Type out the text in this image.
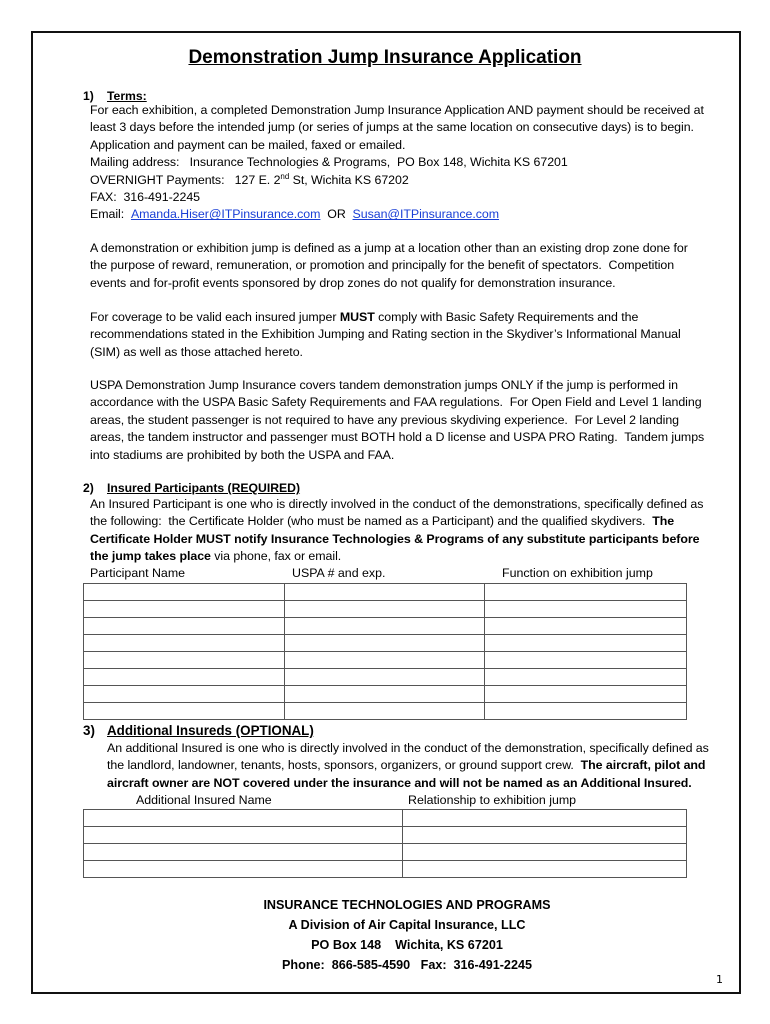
Demonstration Jump Insurance Application
1) Terms:
For each exhibition, a completed Demonstration Jump Insurance Application AND payment should be received at
least 3 days before the intended jump (or series of jumps at the same location on consecutive days) is to begin.
Application and payment can be mailed, faxed or emailed.
Mailing address: Insurance Technologies & Programs,  PO Box 148, Wichita KS 67201
OVERNIGHT Payments: 127 E. 2nd St, Wichita KS 67202
FAX: 316-491-2245
Email: Amanda.Hiser@ITPinsurance.com OR Susan@ITPinsurance.com
A demonstration or exhibition jump is defined as a jump at a location other than an existing drop zone done for
the purpose of reward, remuneration, or promotion and principally for the benefit of spectators.  Competition
events and for-profit events sponsored by drop zones do not qualify for demonstration insurance.
For coverage to be valid each insured jumper MUST comply with Basic Safety Requirements and the
recommendations stated in the Exhibition Jumping and Rating section in the Skydiver’s Informational Manual
(SIM) as well as those attached hereto.
USPA Demonstration Jump Insurance covers tandem demonstration jumps ONLY if the jump is performed in
accordance with the USPA Basic Safety Requirements and FAA regulations.  For Open Field and Level 1 landing
areas, the student passenger is not required to have any previous skydiving experience.  For Level 2 landing
areas, the tandem instructor and passenger must BOTH hold a D license and USPA PRO Rating.  Tandem jumps
into stadiums are prohibited by both the USPA and FAA.
2) Insured Participants (REQUIRED)
An Insured Participant is one who is directly involved in the conduct of the demonstrations, specifically defined as
the following:  the Certificate Holder (who must be named as a Participant) and the qualified skydivers.  The
Certificate Holder MUST notify Insurance Technologies & Programs of any substitute participants before
the jump takes place via phone, fax or email.
Participant Name	USPA # and exp.	Function on exhibition jump

3) Additional Insureds (OPTIONAL)
An additional Insured is one who is directly involved in the conduct of the demonstration, specifically defined as
the landlord, landowner, tenants, hosts, sponsors, organizers, or ground support crew.  The aircraft, pilot and
aircraft owner are NOT covered under the insurance and will not be named as an Additional Insured.
Additional Insured Name	Relationship to exhibition jump

INSURANCE TECHNOLOGIES AND PROGRAMS
A Division of Air Capital Insurance, LLC
PO Box 148    Wichita, KS 67201
Phone:  866-585-4590   Fax:  316-491-2245
1
